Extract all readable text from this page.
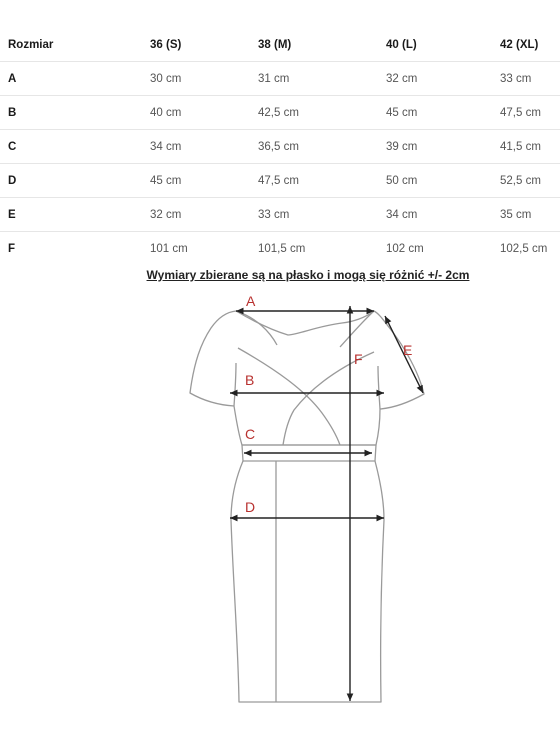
Rozmiar	36 (S)	38 (M)	40 (L)	42 (XL)
A	30 cm	31 cm	32 cm	33 cm
B	40 cm	42,5 cm	45 cm	47,5 cm
C	34 cm	36,5 cm	39 cm	41,5 cm
D	45 cm	47,5 cm	50 cm	52,5 cm
E	32 cm	33 cm	34 cm	35 cm
F	101 cm	101,5 cm	102 cm	102,5 cm
Wymiary zbierane są na płasko i mogą się różnić +/- 2cm
A
B
C
D
E
F
